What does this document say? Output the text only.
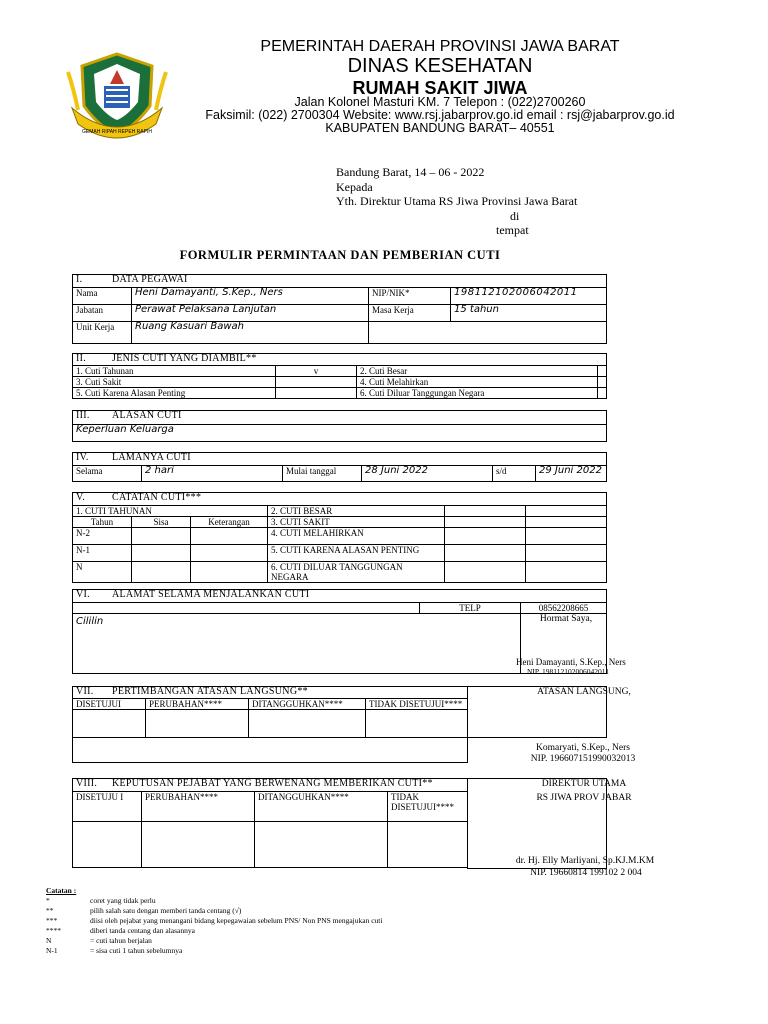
GEMAH RIPAH REPEH RAPIH
PEMERINTAH DAERAH PROVINSI JAWA BARAT
DINAS KESEHATAN
RUMAH SAKIT JIWA
Jalan Kolonel Masturi KM. 7 Telepon : (022)2700260
Faksimil: (022) 2700304 Website: www.rsj.jabarprov.go.id email : rsj@jabarprov.go.id
KABUPATEN BANDUNG BARAT– 40551
Bandung Barat, 14 – 06 - 2022
Kepada
Yth. Direktur Utama RS Jiwa Provinsi Jawa Barat
di
tempat
FORMULIR PERMINTAAN DAN PEMBERIAN CUTI
I. DATA PEGAWAI			
Nama	Heni Damayanti, S.Kep., Ners	NIP/NIK*	198112102006042011
Jabatan	Perawat Pelaksana Lanjutan	Masa Kerja	15 tahun
Unit Kerja	Ruang Kasuari Bawah		
II. JENIS CUTI YANG DIAMBIL**			
1. Cuti Tahunan	v	2. Cuti Besar	
3. Cuti Sakit		4. Cuti Melahirkan	
5. Cuti Karena Alasan Penting		6. Cuti Diluar Tanggungan Negara	
III. ALASAN CUTI
Keperluan Keluarga
IV. LAMANYA CUTI
Selama	2 hari	Mulai tanggal	28 Juni 2022	s/d	29 Juni 2022
V. CATATAN CUTI***					
1. CUTI TAHUNAN			2. CUTI BESAR		
Tahun	Sisa	Keterangan	3. CUTI SAKIT		
N-2			4. CUTI MELAHIRKAN		
N-1			5. CUTI KARENA ALASAN PENTING		
N			6. CUTI DILUAR TANGGUNGAN NEGARA		
VI. ALAMAT SELAMA MENJALANKAN CUTI		
	TELP	08562208665
Cililin			Hormat Saya,
Heni Damayanti, S.Kep., Ners
NIP. 198112102006042011
VII. PERTIMBANGAN ATASAN LANGSUNG**				
DISETUJUI	PERUBAHAN****	DITANGGUHKAN****	TIDAK DISETUJUI****	

ATASAN LANGSUNG,
Komaryati, S.Kep., Ners
NIP. 196607151990032013
VIII. KEPUTUSAN PEJABAT YANG BERWENANG MEMBERIKAN CUTI**				
DISETUJU I	PERUBAHAN****	DITANGGUHKAN****	TIDAK DISETUJUI****	

DIREKTUR UTAMA
RS JIWA PROV JABAR
dr. Hj. Elly Marliyani, Sp.KJ.M.KM
NIP. 19660814 199102 2 004
Catatan :
*	coret yang tidak perlu
**	pilih salah satu dengan memberi tanda centang (√)
***	diisi oleh pejabat yang menangani bidang kepegawaian sebelum PNS/ Non PNS mengajukan cuti
****	diberi tanda centang dan alasannya
N	= cuti tahun berjalan
N-1	= sisa cuti 1 tahun sebelumnya
